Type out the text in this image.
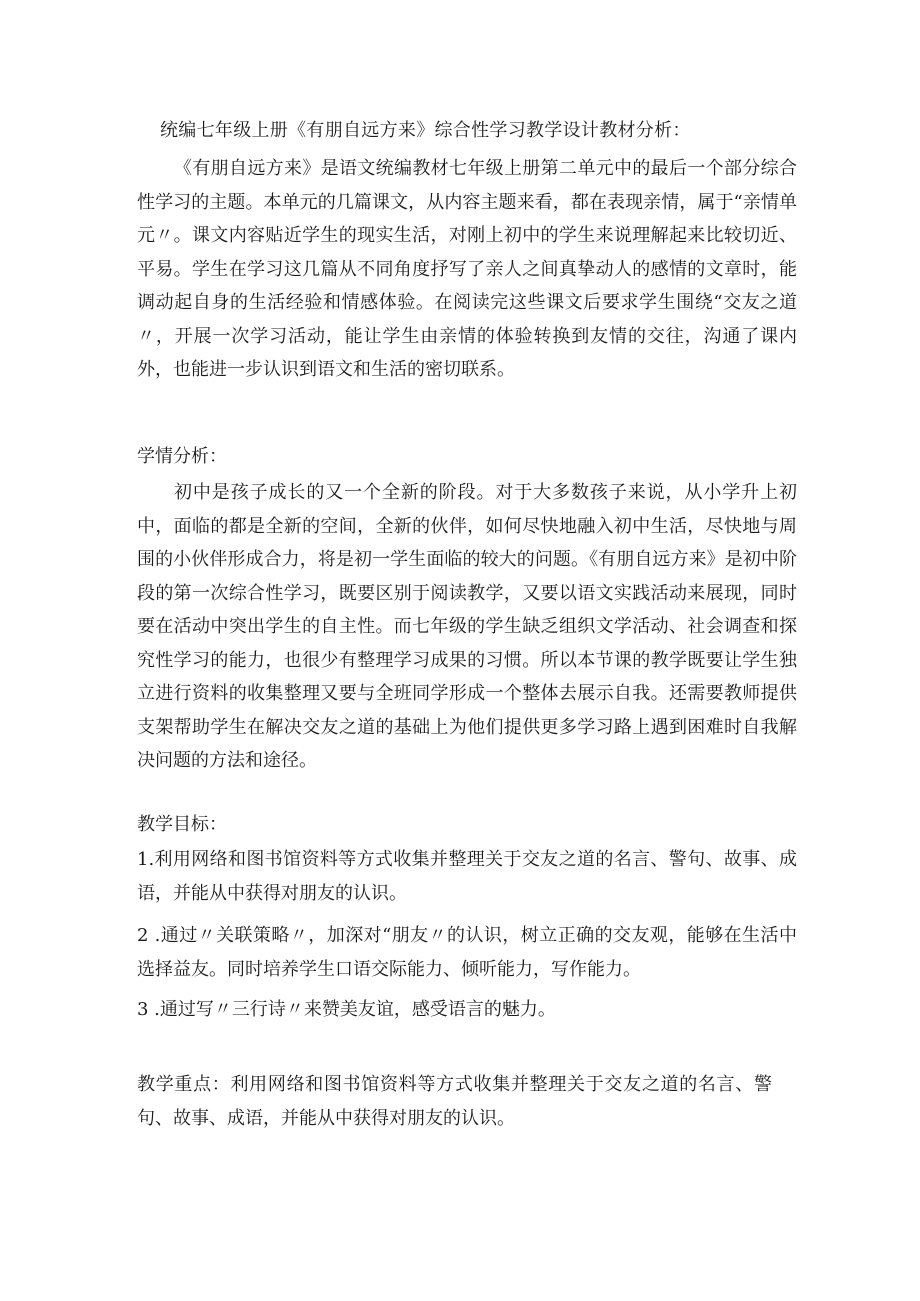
统编七年级上册《有朋自远方来》综合性学习教学设计教材分析：

《有朋自远方来》是语文统编教材七年级上册第二单元中的最后一个部分综合性学习的主题。本单元的几篇课文，从内容主题来看，都在表现亲情，属于“亲情单元〃。课文内容贴近学生的现实生活，对刚上初中的学生来说理解起来比较切近、平易。学生在学习这几篇从不同角度抒写了亲人之间真挚动人的感情的文章时，能调动起自身的生活经验和情感体验。在阅读完这些课文后要求学生围绕“交友之道〃，开展一次学习活动，能让学生由亲情的体验转换到友情的交往，沟通了课内外，也能进一步认识到语文和生活的密切联系。

学情分析：

初中是孩子成长的又一个全新的阶段。对于大多数孩子来说，从小学升上初中，面临的都是全新的空间，全新的伙伴，如何尽快地融入初中生活，尽快地与周围的小伙伴形成合力，将是初一学生面临的较大的问题。《有朋自远方来》是初中阶段的第一次综合性学习，既要区别于阅读教学，又要以语文实践活动来展现，同时要在活动中突出学生的自主性。而七年级的学生缺乏组织文学活动、社会调查和探究性学习的能力，也很少有整理学习成果的习惯。所以本节课的教学既要让学生独立进行资料的收集整理又要与全班同学形成一个整体去展示自我。还需要教师提供支架帮助学生在解决交友之道的基础上为他们提供更多学习路上遇到困难时自我解决问题的方法和途径。

教学目标：

1.利用网络和图书馆资料等方式收集并整理关于交友之道的名言、警句、故事、成语，并能从中获得对朋友的认识。

2 .通过〃关联策略〃，加深对“朋友〃的认识，树立正确的交友观，能够在生活中选择益友。同时培养学生口语交际能力、倾听能力，写作能力。

3 .通过写〃三行诗〃来赞美友谊，感受语言的魅力。

教学重点：利用网络和图书馆资料等方式收集并整理关于交友之道的名言、警句、故事、成语，并能从中获得对朋友的认识。
